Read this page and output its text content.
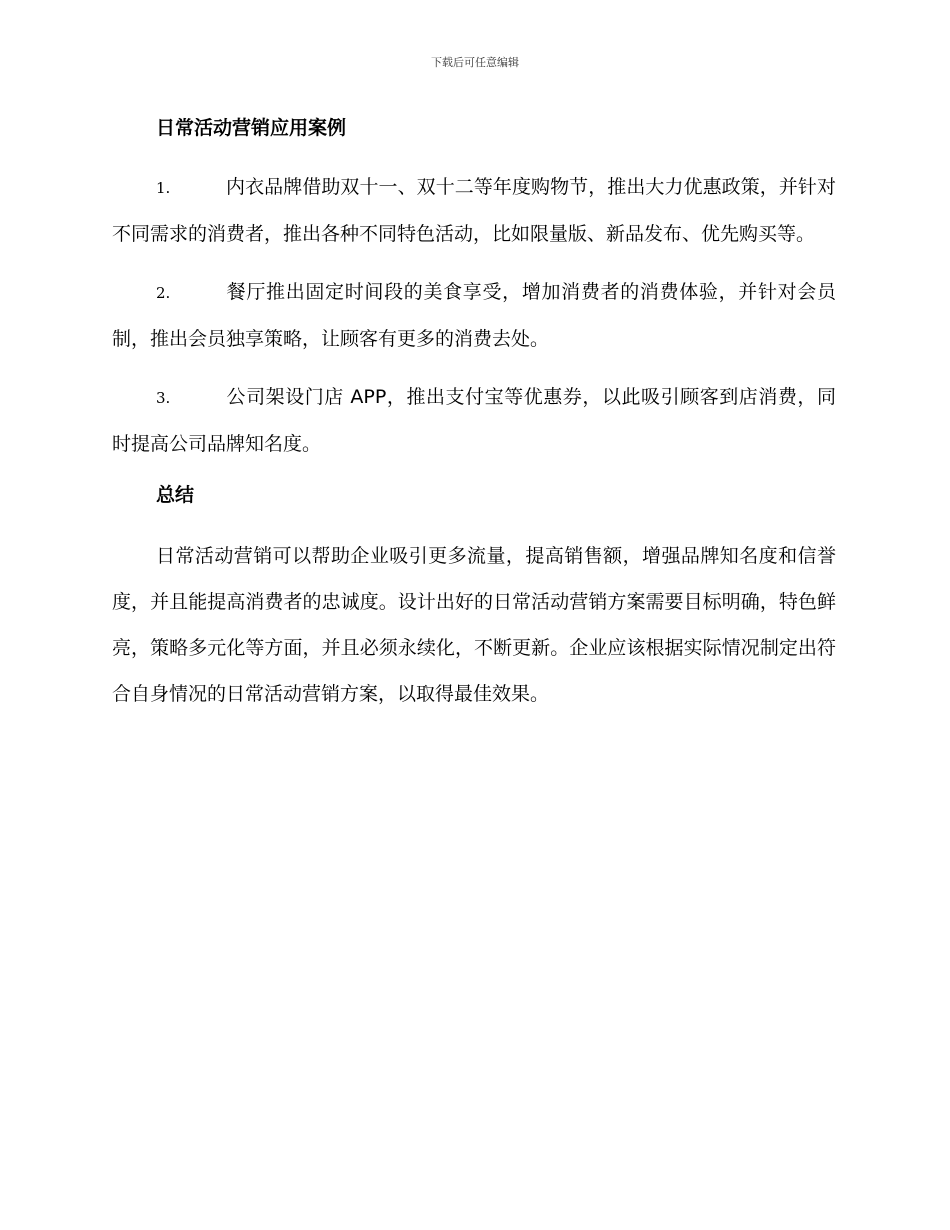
下载后可任意编辑
日常活动营销应用案例

1.	内衣品牌借助双十一、双十二等年度购物节，推出大力优惠政策，并针对不同需求的消费者，推出各种不同特色活动，比如限量版、新品发布、优先购买等。

2.	餐厅推出固定时间段的美食享受，增加消费者的消费体验，并针对会员制，推出会员独享策略，让顾客有更多的消费去处。

3.	公司架设门店 APP，推出支付宝等优惠券，以此吸引顾客到店消费，同时提高公司品牌知名度。

总结

日常活动营销可以帮助企业吸引更多流量，提高销售额，增强品牌知名度和信誉度，并且能提高消费者的忠诚度。设计出好的日常活动营销方案需要目标明确，特色鲜亮，策略多元化等方面，并且必须永续化，不断更新。企业应该根据实际情况制定出符合自身情况的日常活动营销方案，以取得最佳效果。
